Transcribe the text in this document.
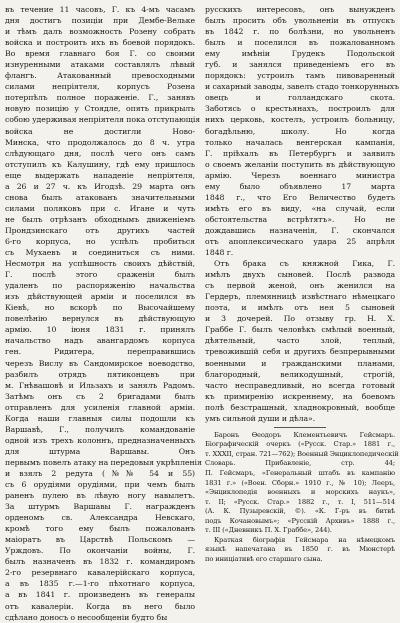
въ течение 11 часовъ, Г. къ 4-мъ часамъ
дня достигъ позиціи при Дембе-Вельке
и тѣмъ далъ возможность Розену собрать
войска и построить ихъ въ боевой порядокъ.
Во время главнаго боя Г. со своими
изнуренными атаками составлялъ лѣвый
флангъ. Атакованный превосходными
силами непріятеля, корпусъ Розена
потерпѣлъ полное пораженіе. Г., занявъ
новую позицію у Стоядле, опять прикрылъ
собою удерживая непріятеля пока отступающія
войска не достигли Ново-
Минска, что продолжалось до 8 ч. утра
слѣдующаго дня, послѣ чего онъ самъ
отступилъ къ Калушину, гдѣ ему пришлось
еще выдержать нападеніе непріятеля,
а 26 и 27 ч. къ Игодзѣ. 29 марта онъ
снова былъ атакованъ значительными
силами поляковъ при с. Игане и чуть
не былъ отрѣзанъ обходнымъ движеніемъ
Прондзинскаго отъ другихъ частей
6-го корпуса, но успѣлъ пробиться
съ Мухаевъ и соединиться съ ними.
Несмотря на успѣшность своихъ дѣйствій,
Г. послѣ этого сраженія былъ
удаленъ по распоряженію начальства
изъ дѣйствующей арміи и поселился въ
Кіевѣ, но вскорѣ по Высочайшему
повелѣнію вернулся въ дѣйствующую
армію. 10 іюня 1831 г. принялъ
начальство надъ авангардомъ корпуса
ген. Ридигера, переправившись
черезъ Вислу въ Сандомирское воеводство,
разбилъ отрядъ пятиконцевъ при
м. Гнѣвашовѣ и Ильзахъ и занялъ Радомъ.
Затѣмъ онъ съ 2 бригадами былъ
отправленъ для усиленія главной арміи.
Когда наши главныя силы подошли къ
Варшавѣ, Г., получилъ командованіе
одной изъ трехъ колоннъ, предназначенныхъ
для штурма Варшавы. Онъ
первымъ повелъ атаку на передовыя укрѣпленія
и взялъ 2 редута (№№ 54 и 55)
съ 6 орудіями орудіями, при чемъ былъ
раненъ пулею въ лѣвую ногу навылетъ.
За штурмъ Варшавы Г. награжденъ
орденомъ св. Александра Невскаго,
кромѣ того ему былъ пожалованъ
маіоратъ въ Царствѣ Польскомъ —
Урждовъ. По окончаніи войны, Г.
былъ назначенъ въ 1832 г. командиромъ
2-го резервнаго кавалерійскаго корпуса,
а въ 1835 г.—1-го пѣхотнаго корпуса,
а въ 1841 г. произведенъ въ генералы
отъ кавалеріи. Когда въ него было
сдѣлано доносъ о несообщеніи будто бы

русскихъ интересовъ, онъ вынужденъ
былъ просить объ увольненіи въ отпускъ
въ 1842 г. по болѣзни, но увольненъ
былъ и поселился въ пожалованномъ
ему имѣніи Грудекъ Подольской
губ. и занялся приведеніемъ его въ
порядокъ: устроилъ тамъ пивоваренный
и сахарный заводы, завелъ стадо тонкорунныхъ
овецъ и голландскаго скота.
Заботясь о крестьянахъ, построилъ для
нихъ церковь, костелъ, устроилъ больницу,
богадѣльню, школу. Но когда
только началась венгерская кампанія,
Г. пріѣхалъ въ Петербургъ и заявилъ
о своемъ желаніи поступить въ дѣйствующую
армію. Черезъ военнаго министра
ему было объявлено 17 марта
1848 г., что Его Величество будетъ
имѣть его въ виду, «на случай, если
обстоятельства встрѣтятъ». Но не
дождавшись назначенія, Г. скончался
отъ апоплексическаго удара 25 апрѣля
1848 г.

Отъ брака съ княжной Гика, Г.
имѣлъ двухъ сыновей. Послѣ развода
съ первой женой, онъ женился на
Гердеръ, племянницѣ извѣстнаго нѣмецкаго
поэта, и имѣлъ отъ нея 5 сыновей
и 3 дочерей. По отзыву гр. Н. Х.
Граббе Г. былъ человѣкъ смѣлый военный,
дѣятельный, часто злой, теплый,
тревожившій себя и другихъ безпрерывными
военными и гражданскими планами,
благородный, великодушный, строгій,
часто несправедливый, но всегда готовый
къ примиренію искреннему, на боевомъ
полѣ безстрашный, хладнокровный, вообще
умъ сильной души и дѣла».

Баронъ Ѳеодоръ Клементьевичъ Гейсмаръ.
Біографическій очеркъ («Русск. Стар.» 1881 г.,
т. XXXII, стран. 721—762); Военный Энциклопедическій
Словарь. Прибавленіе, стр. 44;
П. Гейсмаръ, «Генеральный штабъ въ кампанію
1831 г.» («Воен. Сборн.» 1910 г., № 10); Лееръ,
«Энциклопедія военныхъ и морскихъ наукъ»,
т. II; «Русск. Стар.» 1882 г., т. I, 511—514
(А. К. Пузыревскій, ©). «К. Г-ръ въ битвѣ
подъ Кочановымъ»; «Русскій Архивъ» 1888 г.,
т. III («Дневникъ П. Х. Граббе», 244).
Краткая біографія Гейсмара на нѣмецкомъ
языкѣ напечатана въ 1850 г. въ Мюнстерѣ
по иниціативѣ его старшаго сына.
